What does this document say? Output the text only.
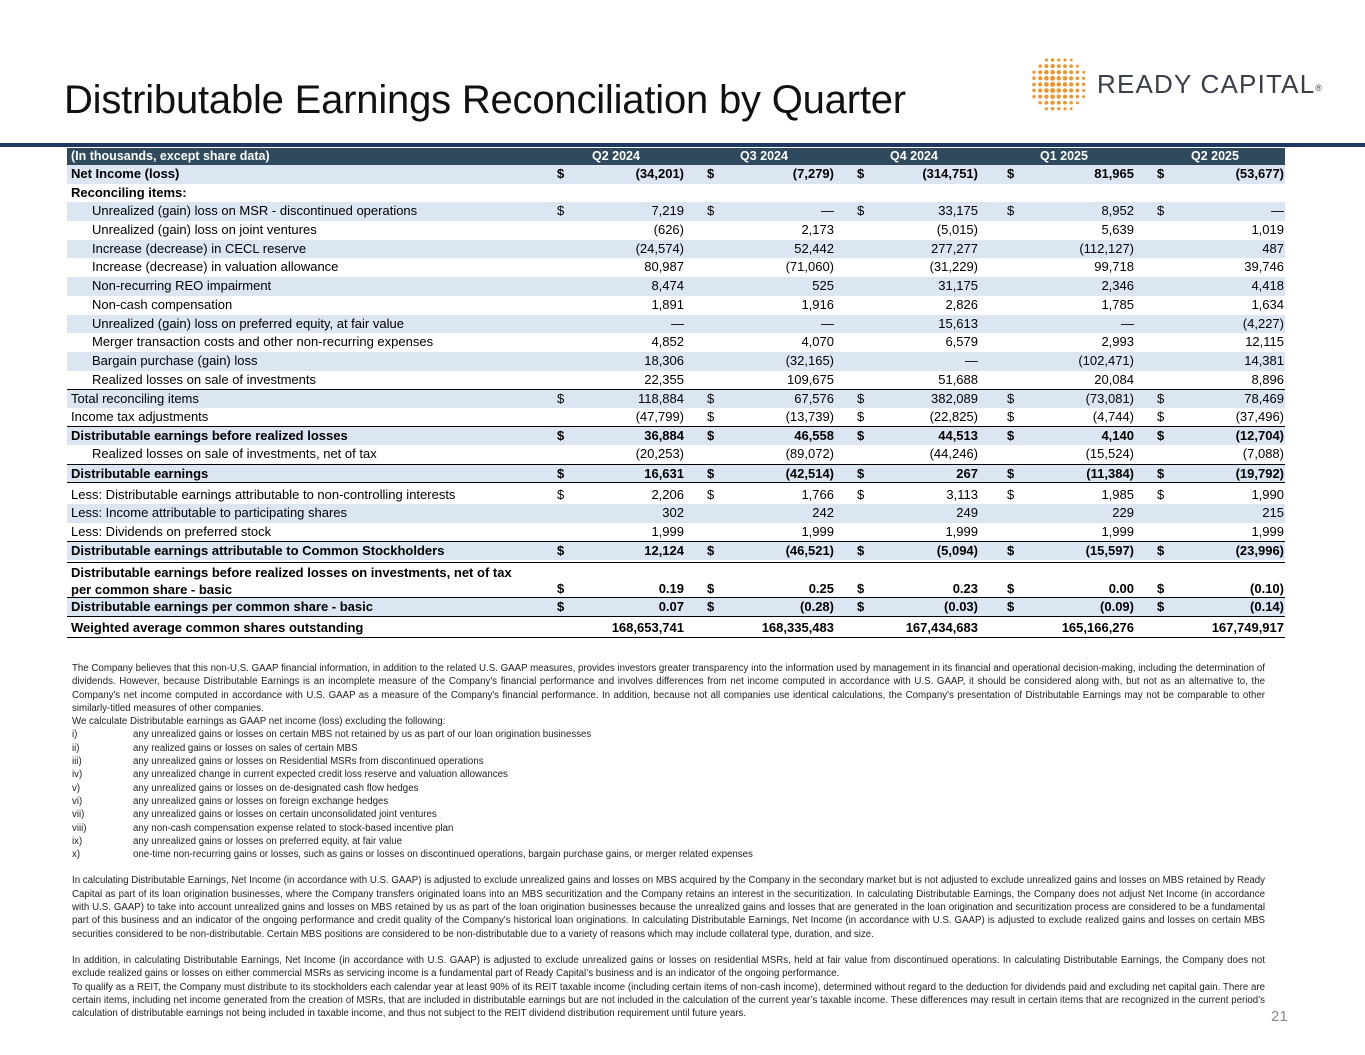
Distributable Earnings Reconciliation by Quarter	READY CAPITAL®
(In thousands, except share data)	Q2 2024	Q3 2024	Q4 2024	Q1 2025	Q2 2025
Net Income (loss)	$	(34,201) $	(7,279) $	(314,751) $	81,965 $	(53,677)
Reconciling items:
Unrealized (gain) loss on MSR - discontinued operations	$	7,219 $	— $	33,175 $	8,952 $	—
Unrealized (gain) loss on joint ventures	(626)	2,173	(5,015)	5,639	1,019
Increase (decrease) in CECL reserve	(24,574)	52,442	277,277	(112,127)	487
Increase (decrease) in valuation allowance	80,987	(71,060)	(31,229)	99,718	39,746
Non-recurring REO impairment	8,474	525	31,175	2,346	4,418
Non-cash compensation	1,891	1,916	2,826	1,785	1,634
Unrealized (gain) loss on preferred equity, at fair value	—	—	15,613	—	(4,227)
Merger transaction costs and other non-recurring expenses	4,852	4,070	6,579	2,993	12,115
Bargain purchase (gain) loss	18,306	(32,165)	—	(102,471)	14,381
Realized losses on sale of investments	22,355	109,675	51,688	20,084	8,896
Total reconciling items	$	118,884 $	67,576 $	382,089 $	(73,081) $	78,469
Income tax adjustments	(47,799) $	(13,739) $	(22,825) $	(4,744) $	(37,496)
Distributable earnings before realized losses	$	36,884 $	46,558 $	44,513 $	4,140 $	(12,704)
Realized losses on sale of investments, net of tax	(20,253)	(89,072)	(44,246)	(15,524)	(7,088)
Distributable earnings	$	16,631 $	(42,514) $	267 $	(11,384) $	(19,792)
Less: Distributable earnings attributable to non-controlling interests	$	2,206 $	1,766 $	3,113 $	1,985 $	1,990
Less: Income attributable to participating shares	302	242	249	229	215
Less: Dividends on preferred stock	1,999	1,999	1,999	1,999	1,999
Distributable earnings attributable to Common Stockholders	$	12,124 $	(46,521) $	(5,094) $	(15,597) $	(23,996)
Distributable earnings before realized losses on investments, net of tax
per common share - basic	$	0.19 $	0.25 $	0.23 $	0.00 $	(0.10)
Distributable earnings per common share - basic	$	0.07 $	(0.28) $	(0.03) $	(0.09) $	(0.14)
Weighted average common shares outstanding	168,653,741	168,335,483	167,434,683	165,166,276	167,749,917

The Company believes that this non-U.S. GAAP financial information, in addition to the related U.S. GAAP measures, provides investors greater transparency into the information used by management in its financial and operational decision-making, including the determination of dividends. However, because Distributable Earnings is an incomplete measure of the Company's financial performance and involves differences from net income computed in accordance with U.S. GAAP, it should be considered along with, but not as an alternative to, the Company's net income computed in accordance with U.S. GAAP as a measure of the Company's financial performance. In addition, because not all companies use identical calculations, the Company's presentation of Distributable Earnings may not be comparable to other similarly-titled measures of other companies.

We calculate Distributable earnings as GAAP net income (loss) excluding the following:

i)	any unrealized gains or losses on certain MBS not retained by us as part of our loan origination businesses
ii)	any realized gains or losses on sales of certain MBS
iii)	any unrealized gains or losses on Residential MSRs from discontinued operations
iv)	any unrealized change in current expected credit loss reserve and valuation allowances
v)	any unrealized gains or losses on de-designated cash flow hedges
vi)	any unrealized gains or losses on foreign exchange hedges
vii)	any unrealized gains or losses on certain unconsolidated joint ventures
viii)	any non-cash compensation expense related to stock-based incentive plan
ix)	any unrealized gains or losses on preferred equity, at fair value
x)	one-time non-recurring gains or losses, such as gains or losses on discontinued operations, bargain purchase gains, or merger related expenses

In calculating Distributable Earnings, Net Income (in accordance with U.S. GAAP) is adjusted to exclude unrealized gains and losses on MBS acquired by the Company in the secondary market but is not adjusted to exclude unrealized gains and losses on MBS retained by Ready Capital as part of its loan origination businesses, where the Company transfers originated loans into an MBS securitization and the Company retains an interest in the securitization. In calculating Distributable Earnings, the Company does not adjust Net Income (in accordance with U.S. GAAP) to take into account unrealized gains and losses on MBS retained by us as part of the loan origination businesses because the unrealized gains and losses that are generated in the loan origination and securitization process are considered to be a fundamental part of this business and an indicator of the ongoing performance and credit quality of the Company's historical loan originations. In calculating Distributable Earnings, Net Income (in accordance with U.S. GAAP) is adjusted to exclude realized gains and losses on certain MBS securities considered to be non-distributable. Certain MBS positions are considered to be non-distributable due to a variety of reasons which may include collateral type, duration, and size.

In addition, in calculating Distributable Earnings, Net Income (in accordance with U.S. GAAP) is adjusted to exclude unrealized gains or losses on residential MSRs, held at fair value from discontinued operations. In calculating Distributable Earnings, the Company does not exclude realized gains or losses on either commercial MSRs as servicing income is a fundamental part of Ready Capital’s business and is an indicator of the ongoing performance.

To qualify as a REIT, the Company must distribute to its stockholders each calendar year at least 90% of its REIT taxable income (including certain items of non-cash income), determined without regard to the deduction for dividends paid and excluding net capital gain. There are certain items, including net income generated from the creation of MSRs, that are included in distributable earnings but are not included in the calculation of the current year’s taxable income. These differences may result in certain items that are recognized in the current period’s calculation of distributable earnings not being included in taxable income, and thus not subject to the REIT dividend distribution requirement until future years.	21
